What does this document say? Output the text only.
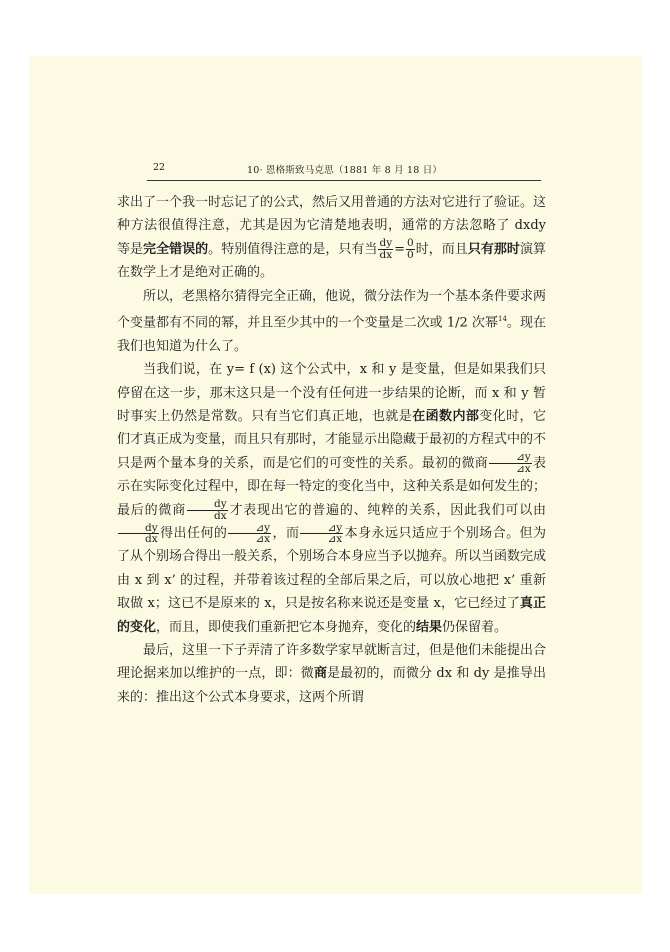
22	10· 恩格斯致马克思（1881 年 8 月 18 日）

求出了一个我一时忘记了的公式，然后又用普通的方法对它进行了验证。这种方法很值得注意，尤其是因为它清楚地表明，通常的方法忽略了 dxdy 等是完全错误的。特别值得注意的是，只有当 $\frac{dy}{dx} = \frac{0}{0}$ 时，而且只有那时演算在数学上才是绝对正确的。

所以，老黑格尔猜得完全正确，他说，微分法作为一个基本条件要求两个变量都有不同的幂，并且至少其中的一个变量是二次或 1/2 次幂$^{14}$。现在我们也知道为什么了。

当我们说，在 y= f (x) 这个公式中，x 和 y 是变量，但是如果我们只停留在这一步，那末这只是一个没有任何进一步结果的论断，而 x 和 y 暂时事实上仍然是常数。只有当它们真正地，也就是在函数内部变化时，它们才真正成为变量，而且只有那时，才能显示出隐藏于最初的方程式中的不只是两个量本身的关系，而是它们的可变性的关系。最初的微商 $\frac{⊿y}{⊿x}$ 表示在实际变化过程中，即在每一特定的变化当中，这种关系是如何发生的；最后的微商 $\frac{dy}{dx}$ 才表现出它的普遍的、纯粹的关系，因此我们可以由
$\frac{dy}{dx}$ 得出任何的 $\frac{⊿y}{⊿x}$ ，而 $\frac{⊿y}{⊿x}$ 本身永远只适应于个别场合。但为了从个别场合得出一般关系，个别场合本身应当予以抛弃。所以当函数完成由 x 到 x’ 的过程，并带着该过程的全部后果之后，可以放心地把 x’ 重新取做 x；这已不是原来的 x，只是按名称来说还是变量 x，它已经过了真正的变化，而且，即使我们重新把它本身抛弃，变化的结果仍保留着。

最后，这里一下子弄清了许多数学家早就断言过，但是他们未能提出合理论据来加以维护的一点，即：微商是最初的，而微分 dx 和 dy 是推导出来的：推出这个公式本身要求，这两个所谓
